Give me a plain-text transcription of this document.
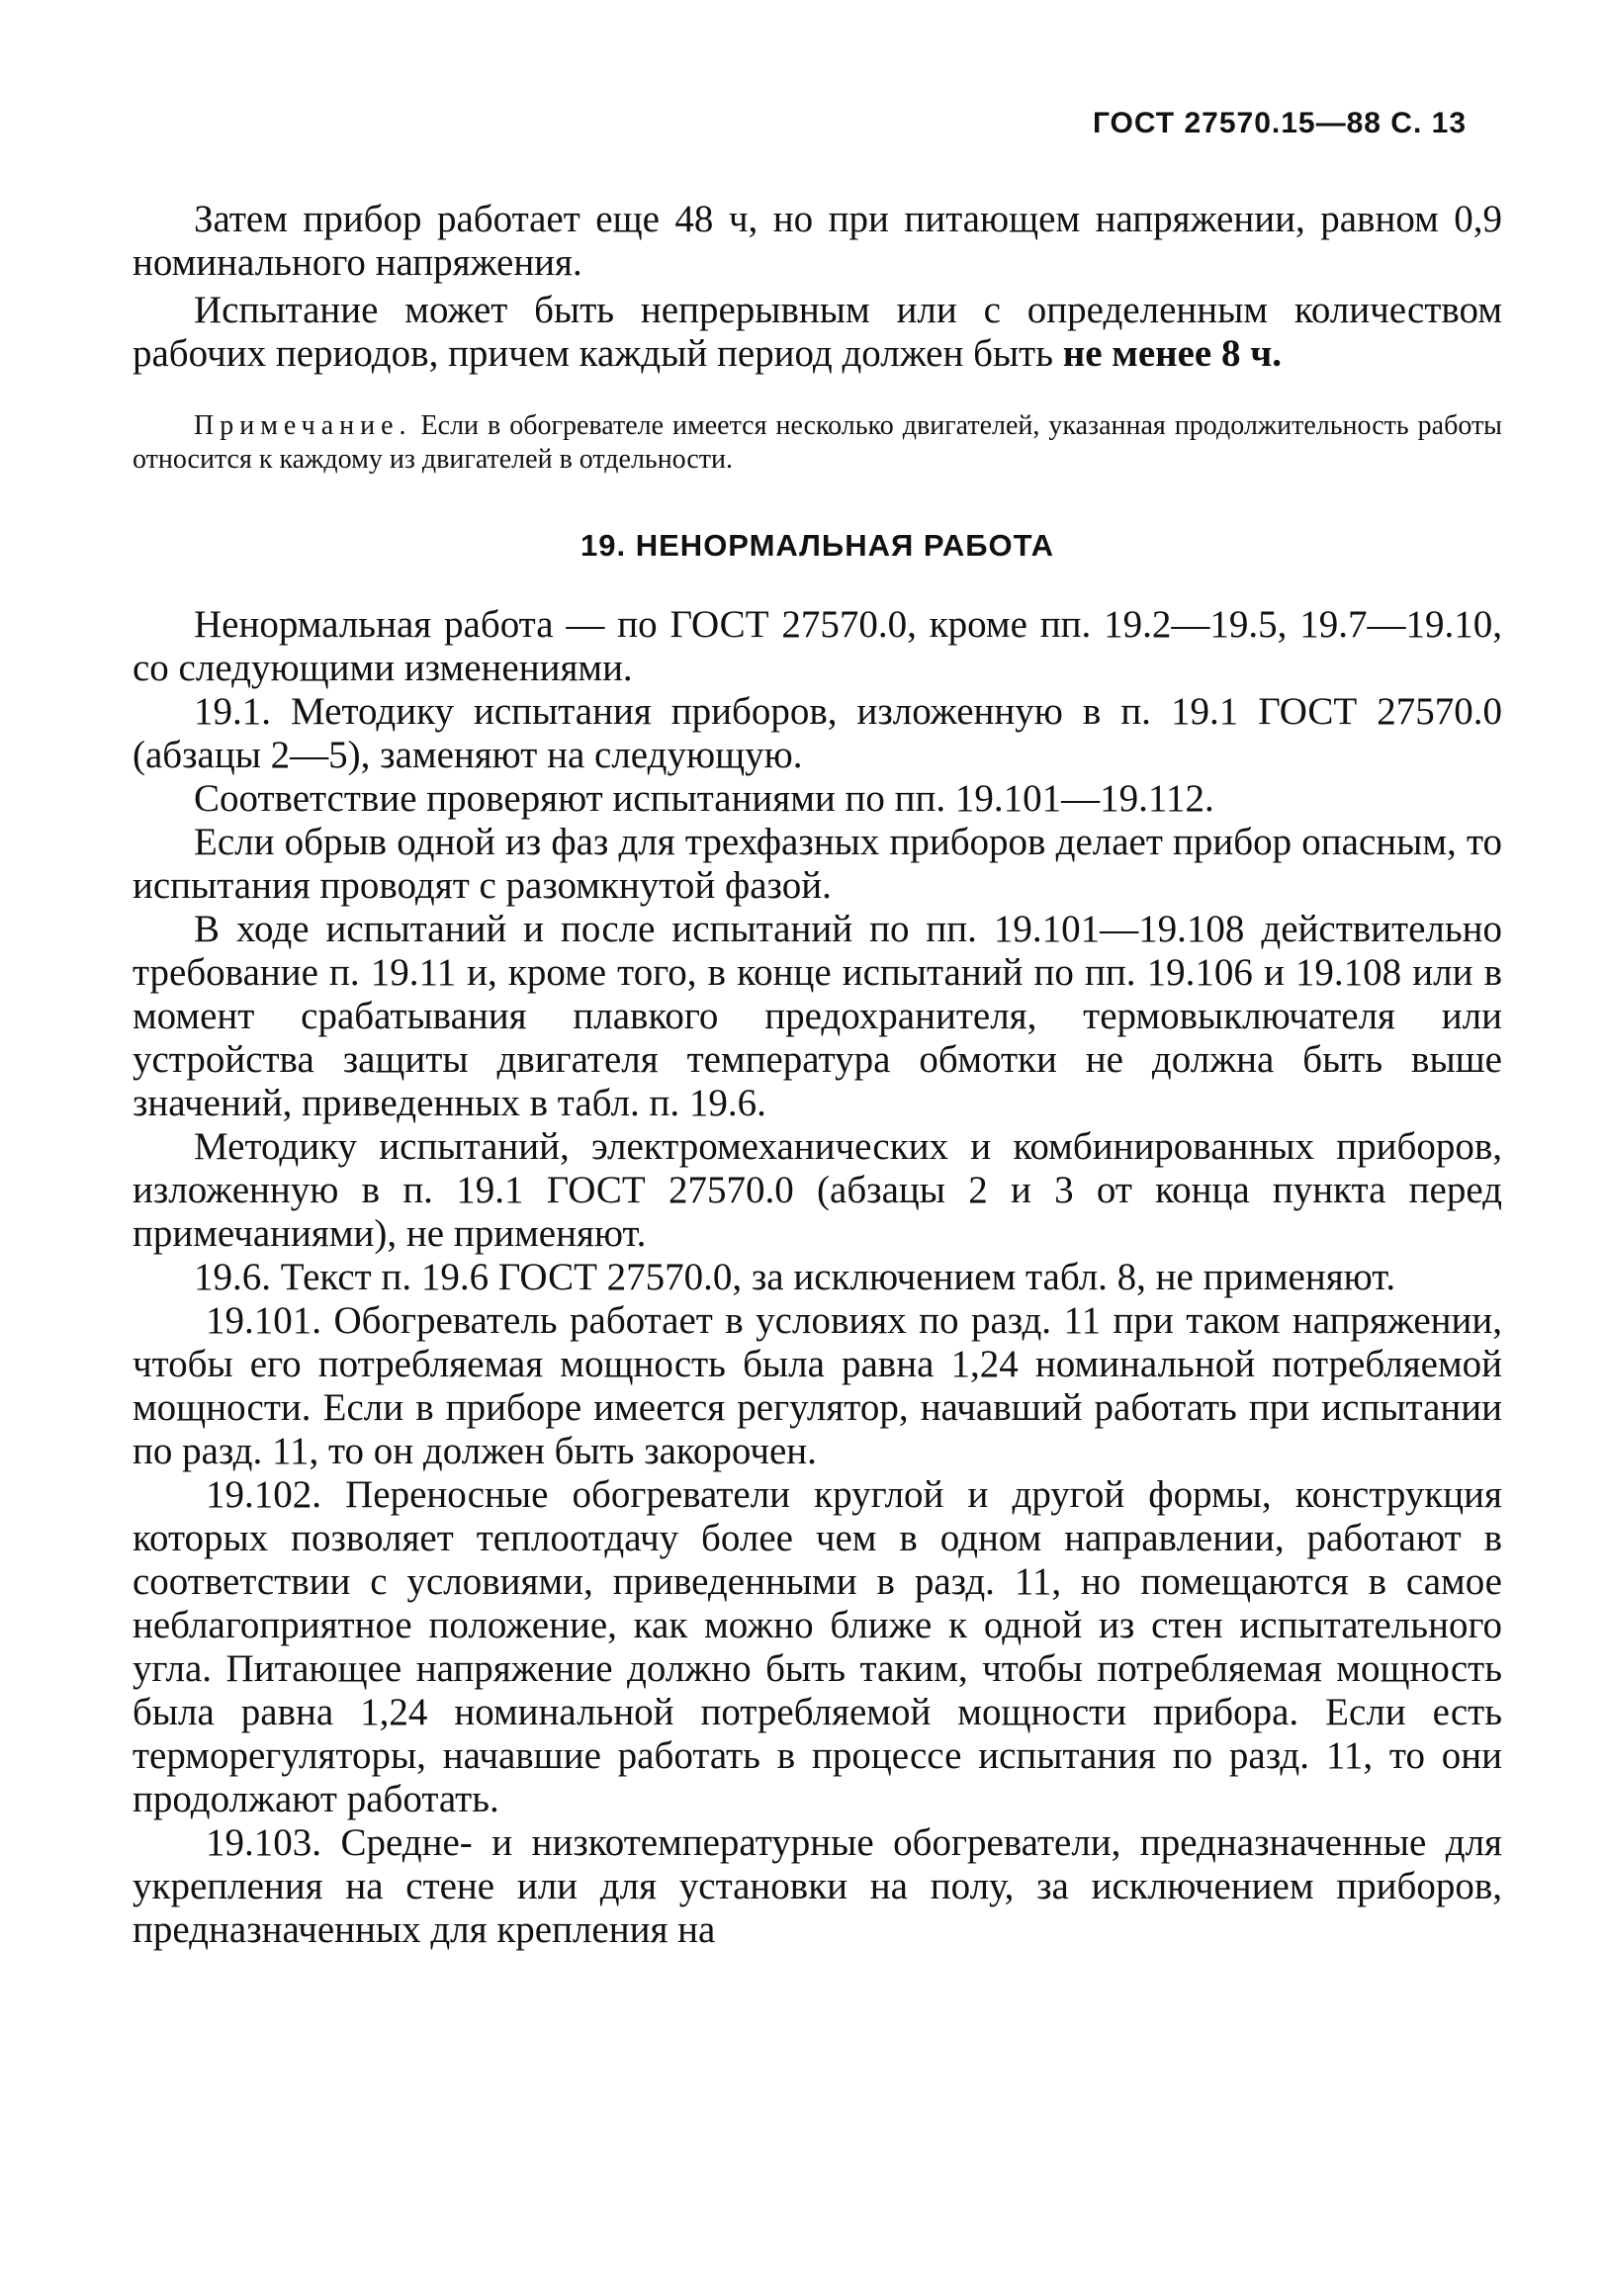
ГОСТ 27570.15—88 С. 13

Затем прибор работает еще 48 ч, но при питающем напряжении, равном 0,9 номинального напряжения.

Испытание может быть непрерывным или с определенным количеством рабочих периодов, причем каждый период должен быть не менее 8 ч.

Примечание. Если в обогревателе имеется несколько двигателей, указанная продолжительность работы относится к каждому из двигателей в отдельности.

19. НЕНОРМАЛЬНАЯ РАБОТА

Ненормальная работа — по ГОСТ 27570.0, кроме пп. 19.2—19.5, 19.7—19.10, со следующими изменениями.

19.1. Методику испытания приборов, изложенную в п. 19.1 ГОСТ 27570.0 (абзацы 2—5), заменяют на следующую.

Соответствие проверяют испытаниями по пп. 19.101—19.112.

Если обрыв одной из фаз для трехфазных приборов делает прибор опасным, то испытания проводят с разомкнутой фазой.

В ходе испытаний и после испытаний по пп. 19.101—19.108 действительно требование п. 19.11 и, кроме того, в конце испытаний по пп. 19.106 и 19.108 или в момент срабатывания плавкого предохранителя, термовыключателя или устройства защиты двигателя температура обмотки не должна быть выше значений, приведенных в табл. п. 19.6.

Методику испытаний, электромеханических и комбинированных приборов, изложенную в п. 19.1 ГОСТ 27570.0 (абзацы 2 и 3 от конца пункта перед примечаниями), не применяют.

19.6. Текст п. 19.6 ГОСТ 27570.0, за исключением табл. 8, не применяют.

19.101. Обогреватель работает в условиях по разд. 11 при таком напряжении, чтобы его потребляемая мощность была равна 1,24 номинальной потребляемой мощности. Если в приборе имеется регулятор, начавший работать при испытании по разд. 11, то он должен быть закорочен.

19.102. Переносные обогреватели круглой и другой формы, конструкция которых позволяет теплоотдачу более чем в одном направлении, работают в соответствии с условиями, приведенными в разд. 11, но помещаются в самое неблагоприятное положение, как можно ближе к одной из стен испытательного угла. Питающее напряжение должно быть таким, чтобы потребляемая мощность была равна 1,24 номинальной потребляемой мощности прибора. Если есть терморегуляторы, начавшие работать в процессе испытания по разд. 11, то они продолжают работать.

19.103. Средне- и низкотемпературные обогреватели, предназначенные для укрепления на стене или для установки на полу, за исключением приборов, предназначенных для крепления на
